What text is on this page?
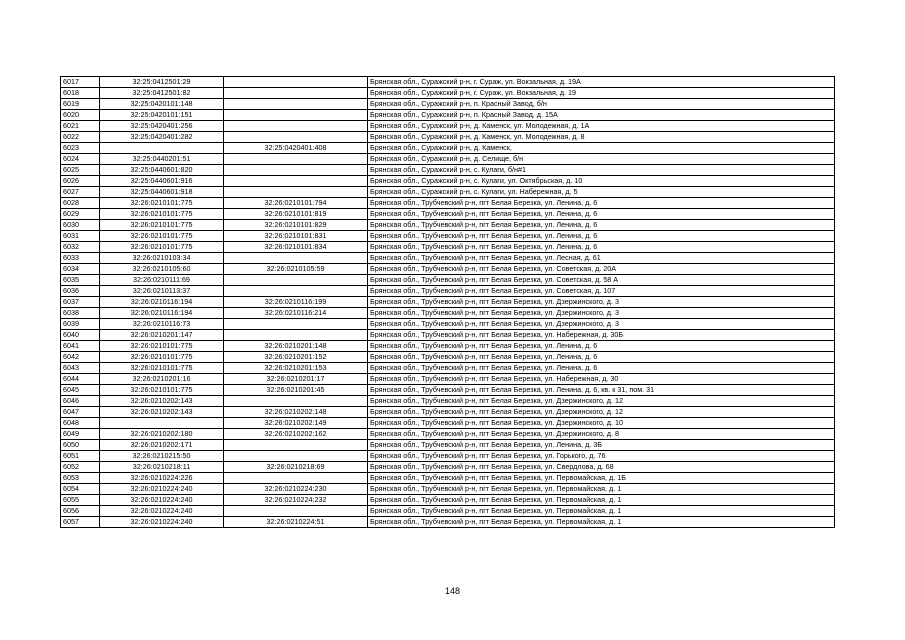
6017	32:25:0412501:29		Брянская обл., Суражский р-н, г. Сураж, ул. Вокзальная, д. 19А
6018	32:25:0412501:82		Брянская обл., Суражский р-н, г. Сураж, ул. Вокзальная, д. 19
6019	32:25:0420101:148		Брянская обл., Суражский р-н, п. Красный Завод, б/н
6020	32:25:0420101:151		Брянская обл., Суражский р-н, п. Красный Завод, д. 15А
6021	32:25:0420401:256		Брянская обл., Суражский р-н, д. Каменск, ул. Молодежная, д. 1А
6022	32:25:0420401:282		Брянская обл., Суражский р-н, д. Каменск, ул. Молодежная, д. 8
6023		32:25:0420401:408	Брянская обл., Суражский р-н, д. Каменск,
6024	32:25:0440201:51		Брянская обл., Суражский р-н, д. Селище, б/н
6025	32:25:0440601:820		Брянская обл., Суражский р-н, с. Кулаги, б/н#1
6026	32:25:0440601:916		Брянская обл., Суражский р-н, с. Кулаги, ул. Октябрьская, д. 10
6027	32:25:0440601:918		Брянская обл., Суражский р-н, с. Кулаги, ул. Набережная, д. 5
6028	32:26:0210101:775	32:26:0210101:794	Брянская обл., Трубчевский р-н, пгт Белая Березка, ул. Ленина, д. 6
6029	32:26:0210101:775	32:26:0210101:819	Брянская обл., Трубчевский р-н, пгт Белая Березка, ул. Ленина, д. 6
6030	32:26:0210101:775	32:26:0210101:829	Брянская обл., Трубчевский р-н, пгт Белая Березка, ул. Ленина, д. 6
6031	32:26:0210101:775	32:26:0210101:831	Брянская обл., Трубчевский р-н, пгт Белая Березка, ул. Ленина, д. 6
6032	32:26:0210101:775	32:26:0210101:834	Брянская обл., Трубчевский р-н, пгт Белая Березка, ул. Ленина, д. 6
6033	32:26:0210103:34		Брянская обл., Трубчевский р-н, пгт Белая Березка, ул. Лесная, д. 61
6034	32:26:0210105:60	32:26:0210105:59	Брянская обл., Трубчевский р-н, пгт Белая Березка, ул. Советская, д. 20А
6035	32:26:0210111:69		Брянская обл., Трубчевский р-н, пгт Белая Березка, ул. Советская, д. 58 А
6036	32:26:0210113:37		Брянская обл., Трубчевский р-н, пгт Белая Березка, ул. Советская, д. 107
6037	32:26:0210116:194	32:26:0210116:199	Брянская обл., Трубчевский р-н, пгт Белая Березка, ул. Дзержинского, д. 3
6038	32:26:0210116:194	32:26:0210116:214	Брянская обл., Трубчевский р-н, пгт Белая Березка, ул. Дзержинского, д. 3
6039	32:26:0210116:73		Брянская обл., Трубчевский р-н, пгт Белая Березка, ул. Дзержинского, д. 3
6040	32:26:0210201:147		Брянская обл., Трубчевский р-н, пгт Белая Березка, ул. Набережная, д. 30Б
6041	32:26:0210101:775	32:26:0210201:148	Брянская обл., Трубчевский р-н, пгт Белая Березка, ул. Ленина, д. 6
6042	32:26:0210101:775	32:26:0210201:152	Брянская обл., Трубчевский р-н, пгт Белая Березка, ул. Ленина, д. 6
6043	32:26:0210101:775	32:26:0210201:153	Брянская обл., Трубчевский р-н, пгт Белая Березка, ул. Ленина, д. 6
6044	32:26:0210201:16	32:26:0210201:17	Брянская обл., Трубчевский р-н, пгт Белая Березка, ул. Набережная, д. 30
6045	32:26:0210101:775	32:26:0210201:45	Брянская обл., Трубчевский р-н, пгт Белая Березка, ул. Ленина, д. 6, кв. к 31, пом. 31
6046	32:26:0210202:143		Брянская обл., Трубчевский р-н, пгт Белая Березка, ул. Дзержинского, д. 12
6047	32:26:0210202:143	32:26:0210202:148	Брянская обл., Трубчевский р-н, пгт Белая Березка, ул. Дзержинского, д. 12
6048		32:26:0210202:149	Брянская обл., Трубчевский р-н, пгт Белая Березка, ул. Дзержинского, д. 10
6049	32:26:0210202:180	32:26:0210202:162	Брянская обл., Трубчевский р-н, пгт Белая Березка, ул. Дзержинского, д. 8
6050	32:26:0210202:171		Брянская обл., Трубчевский р-н, пгт Белая Березка, ул. Ленина, д. 3Б
6051	32:26:0210215:50		Брянская обл., Трубчевский р-н, пгт Белая Березка, ул. Горького, д. 76
6052	32:26:0210218:11	32:26:0210218:69	Брянская обл., Трубчевский р-н, пгт Белая Березка, ул. Свердлова, д. 68
6053	32:26:0210224:226		Брянская обл., Трубчевский р-н, пгт Белая Березка, ул. Первомайская, д. 1Б
6054	32:26:0210224:240	32:26:0210224:230	Брянская обл., Трубчевский р-н, пгт Белая Березка, ул. Первомайская, д. 1
6055	32:26:0210224:240	32:26:0210224:232	Брянская обл., Трубчевский р-н, пгт Белая Березка, ул. Первомайская, д. 1
6056	32:26:0210224:240		Брянская обл., Трубчевский р-н, пгт Белая Березка, ул. Первомайская, д. 1
6057	32:26:0210224:240	32:26:0210224:51	Брянская обл., Трубчевский р-н, пгт Белая Березка, ул. Первомайская, д. 1
148
